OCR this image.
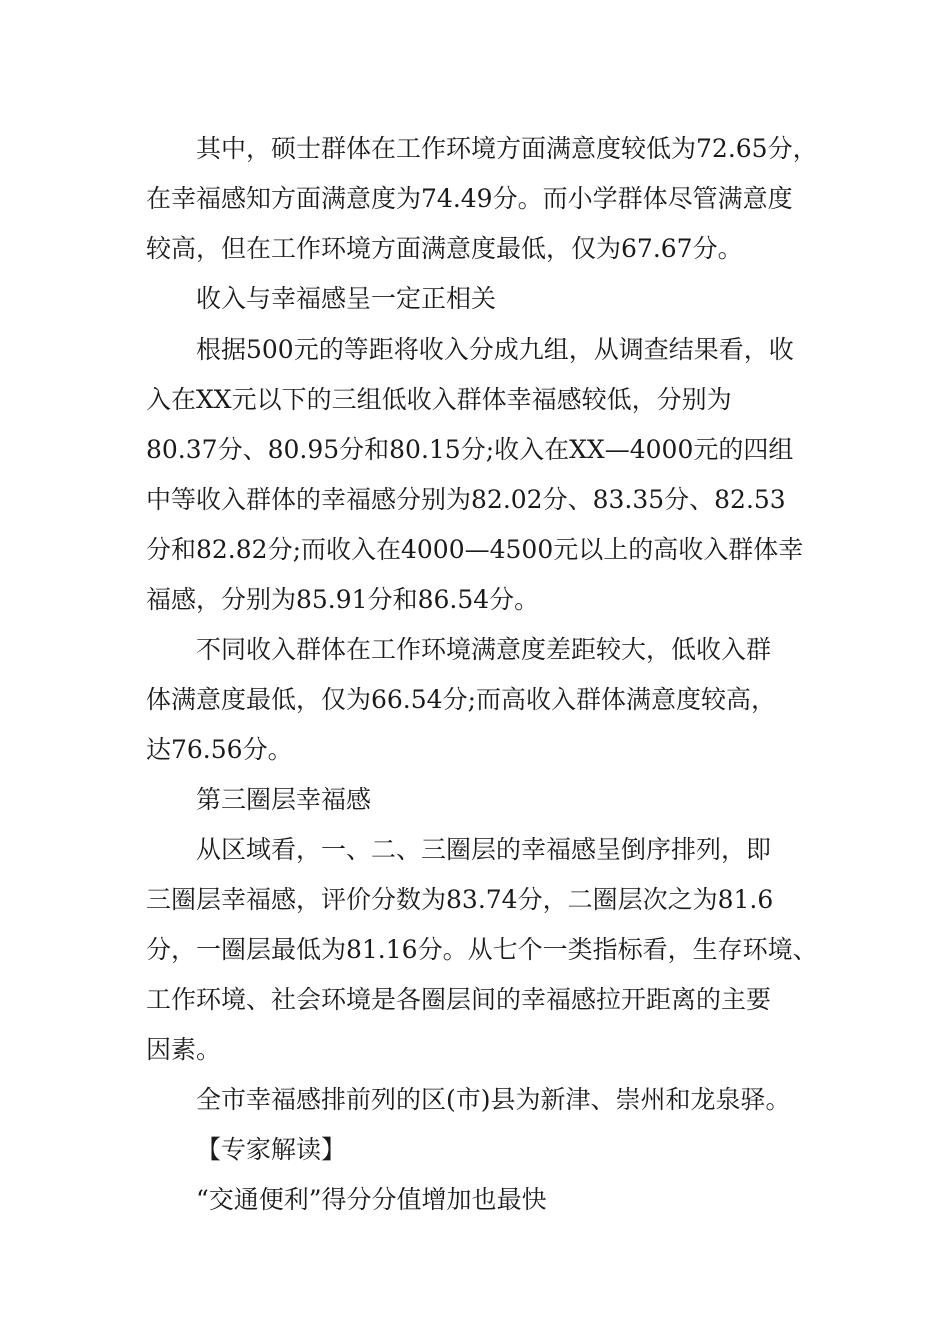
其中，硕士群体在工作环境方面满意度较低为72.65分，

在幸福感知方面满意度为74.49分。而小学群体尽管满意度

较高，但在工作环境方面满意度最低，仅为67.67分。

收入与幸福感呈一定正相关

根据500元的等距将收入分成九组，从调查结果看，收

入在XX元以下的三组低收入群体幸福感较低，分别为

80.37分、80.95分和80.15分;收入在XX—4000元的四组

中等收入群体的幸福感分别为82.02分、83.35分、82.53

分和82.82分;而收入在4000—4500元以上的高收入群体幸

福感，分别为85.91分和86.54分。

不同收入群体在工作环境满意度差距较大，低收入群

体满意度最低，仅为66.54分;而高收入群体满意度较高，

达76.56分。

第三圈层幸福感

从区域看，一、二、三圈层的幸福感呈倒序排列，即

三圈层幸福感，评价分数为83.74分，二圈层次之为81.6

分，一圈层最低为81.16分。从七个一类指标看，生存环境、

工作环境、社会环境是各圈层间的幸福感拉开距离的主要

因素。

全市幸福感排前列的区(市)县为新津、崇州和龙泉驿。

【专家解读】

“交通便利”得分分值增加也最快
